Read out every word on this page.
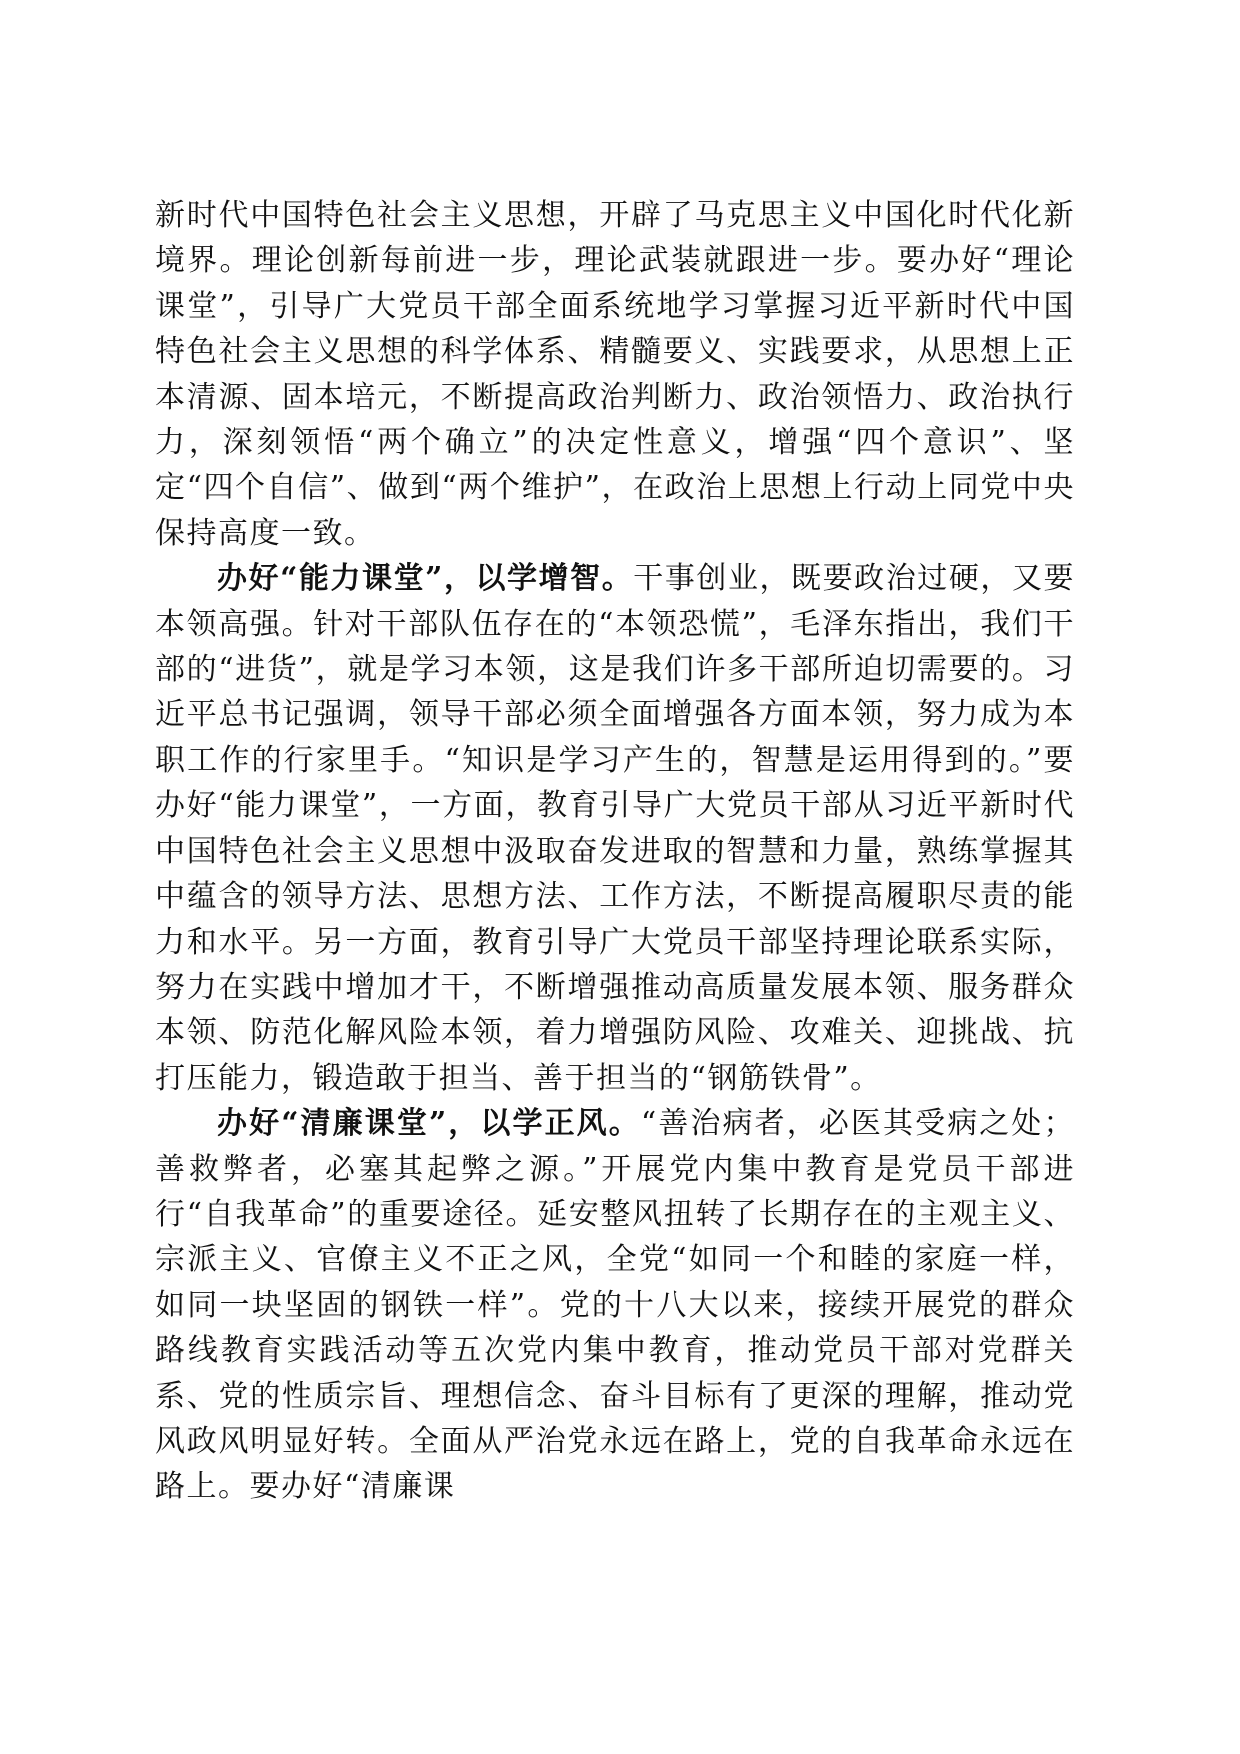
新时代中国特色社会主义思想，开辟了马克思主义中国化时代化新境界。理论创新每前进一步，理论武装就跟进一步。要办好“理论课堂”，引导广大党员干部全面系统地学习掌握习近平新时代中国特色社会主义思想的科学体系、精髓要义、实践要求，从思想上正本清源、固本培元，不断提高政治判断力、政治领悟力、政治执行力，深刻领悟“两个确立”的决定性意义，增强“四个意识”、坚定“四个自信”、做到“两个维护”，在政治上思想上行动上同党中央保持高度一致。

办好“能力课堂”，以学增智。干事创业，既要政治过硬，又要本领高强。针对干部队伍存在的“本领恐慌”，毛泽东指出，我们干部的“进货”，就是学习本领，这是我们许多干部所迫切需要的。习近平总书记强调，领导干部必须全面增强各方面本领，努力成为本职工作的行家里手。“知识是学习产生的，智慧是运用得到的。”要办好“能力课堂”，一方面，教育引导广大党员干部从习近平新时代中国特色社会主义思想中汲取奋发进取的智慧和力量，熟练掌握其中蕴含的领导方法、思想方法、工作方法，不断提高履职尽责的能力和水平。另一方面，教育引导广大党员干部坚持理论联系实际，努力在实践中增加才干，不断增强推动高质量发展本领、服务群众本领、防范化解风险本领，着力增强防风险、攻难关、迎挑战、抗打压能力，锻造敢于担当、善于担当的“钢筋铁骨”。

办好“清廉课堂”，以学正风。“善治病者，必医其受病之处；善救弊者，必塞其起弊之源。”开展党内集中教育是党员干部进行“自我革命”的重要途径。延安整风扭转了长期存在的主观主义、宗派主义、官僚主义不正之风，全党“如同一个和睦的家庭一样，如同一块坚固的钢铁一样”。党的十八大以来，接续开展党的群众路线教育实践活动等五次党内集中教育，推动党员干部对党群关系、党的性质宗旨、理想信念、奋斗目标有了更深的理解，推动党风政风明显好转。全面从严治党永远在路上，党的自我革命永远在路上。要办好“清廉课
